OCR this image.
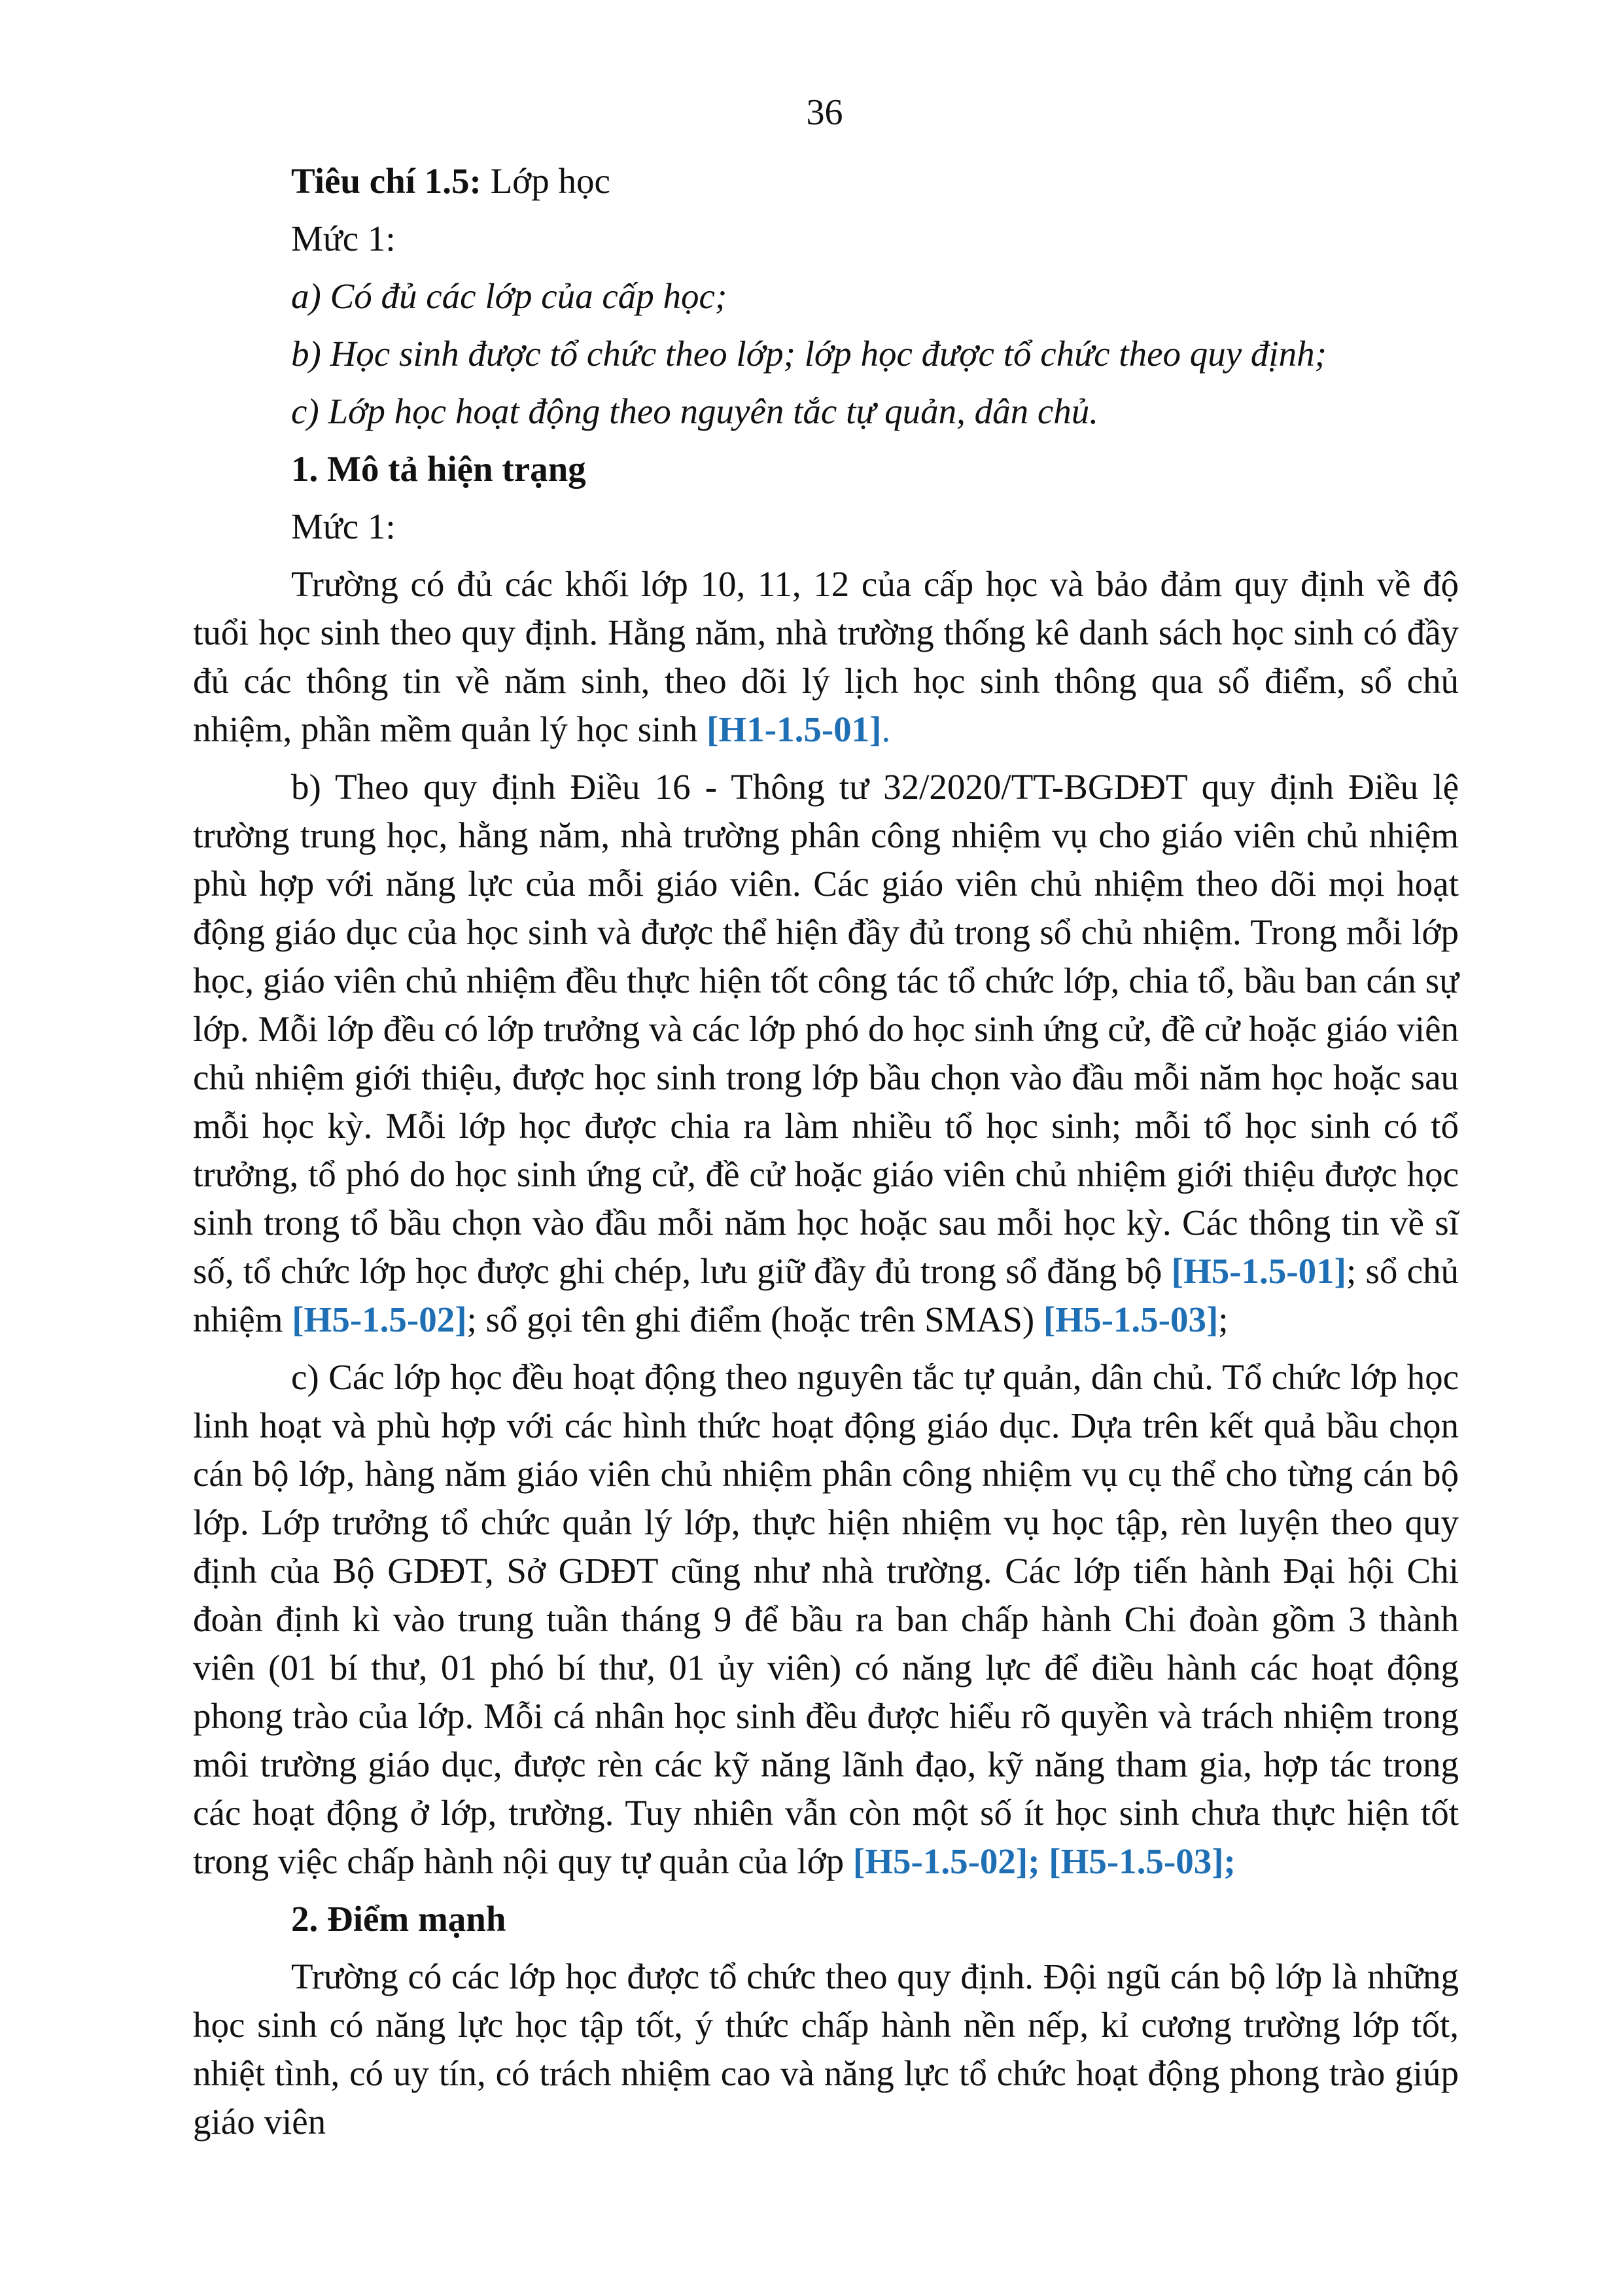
36
Tiêu chí 1.5: Lớp học
Mức 1:
a) Có đủ các lớp của cấp học;
b) Học sinh được tổ chức theo lớp; lớp học được tổ chức theo quy định;
c) Lớp học hoạt động theo nguyên tắc tự quản, dân chủ.
1. Mô tả hiện trạng
Mức 1:

Trường có đủ các khối lớp 10, 11, 12 của cấp học và bảo đảm quy định về độ tuổi học sinh theo quy định. Hằng năm, nhà trường thống kê danh sách học sinh có đầy đủ các thông tin về năm sinh, theo dõi lý lịch học sinh thông qua sổ điểm, sổ chủ nhiệm, phần mềm quản lý học sinh [H1-1.5-01].

b) Theo quy định Điều 16 - Thông tư 32/2020/TT-BGDĐT quy định Điều lệ trường trung học, hằng năm, nhà trường phân công nhiệm vụ cho giáo viên chủ nhiệm phù hợp với năng lực của mỗi giáo viên. Các giáo viên chủ nhiệm theo dõi mọi hoạt động giáo dục của học sinh và được thể hiện đầy đủ trong sổ chủ nhiệm. Trong mỗi lớp học, giáo viên chủ nhiệm đều thực hiện tốt công tác tổ chức lớp, chia tổ, bầu ban cán sự lớp. Mỗi lớp đều có lớp trưởng và các lớp phó do học sinh ứng cử, đề cử hoặc giáo viên chủ nhiệm giới thiệu, được học sinh trong lớp bầu chọn vào đầu mỗi năm học hoặc sau mỗi học kỳ. Mỗi lớp học được chia ra làm nhiều tổ học sinh; mỗi tổ học sinh có tổ trưởng, tổ phó do học sinh ứng cử, đề cử hoặc giáo viên chủ nhiệm giới thiệu được học sinh trong tổ bầu chọn vào đầu mỗi năm học hoặc sau mỗi học kỳ. Các thông tin về sĩ số, tổ chức lớp học được ghi chép, lưu giữ đầy đủ trong sổ đăng bộ [H5-1.5-01]; sổ chủ nhiệm [H5-1.5-02]; sổ gọi tên ghi điểm (hoặc trên SMAS) [H5-1.5-03];

c) Các lớp học đều hoạt động theo nguyên tắc tự quản, dân chủ. Tổ chức lớp học linh hoạt và phù hợp với các hình thức hoạt động giáo dục. Dựa trên kết quả bầu chọn cán bộ lớp, hàng năm giáo viên chủ nhiệm phân công nhiệm vụ cụ thể cho từng cán bộ lớp. Lớp trưởng tổ chức quản lý lớp, thực hiện nhiệm vụ học tập, rèn luyện theo quy định của Bộ GDĐT, Sở GDĐT cũng như nhà trường. Các lớp tiến hành Đại hội Chi đoàn định kì vào trung tuần tháng 9 để bầu ra ban chấp hành Chi đoàn gồm 3 thành viên (01 bí thư, 01 phó bí thư, 01 ủy viên) có năng lực để điều hành các hoạt động phong trào của lớp. Mỗi cá nhân học sinh đều được hiểu rõ quyền và trách nhiệm trong môi trường giáo dục, được rèn các kỹ năng lãnh đạo, kỹ năng tham gia, hợp tác trong các hoạt động ở lớp, trường. Tuy nhiên vẫn còn một số ít học sinh chưa thực hiện tốt trong việc chấp hành nội quy tự quản của lớp [H5-1.5-02]; [H5-1.5-03];

2. Điểm mạnh

Trường có các lớp học được tổ chức theo quy định. Đội ngũ cán bộ lớp là những học sinh có năng lực học tập tốt, ý thức chấp hành nền nếp, kỉ cương trường lớp tốt, nhiệt tình, có uy tín, có trách nhiệm cao và năng lực tổ chức hoạt động phong trào giúp giáo viên
